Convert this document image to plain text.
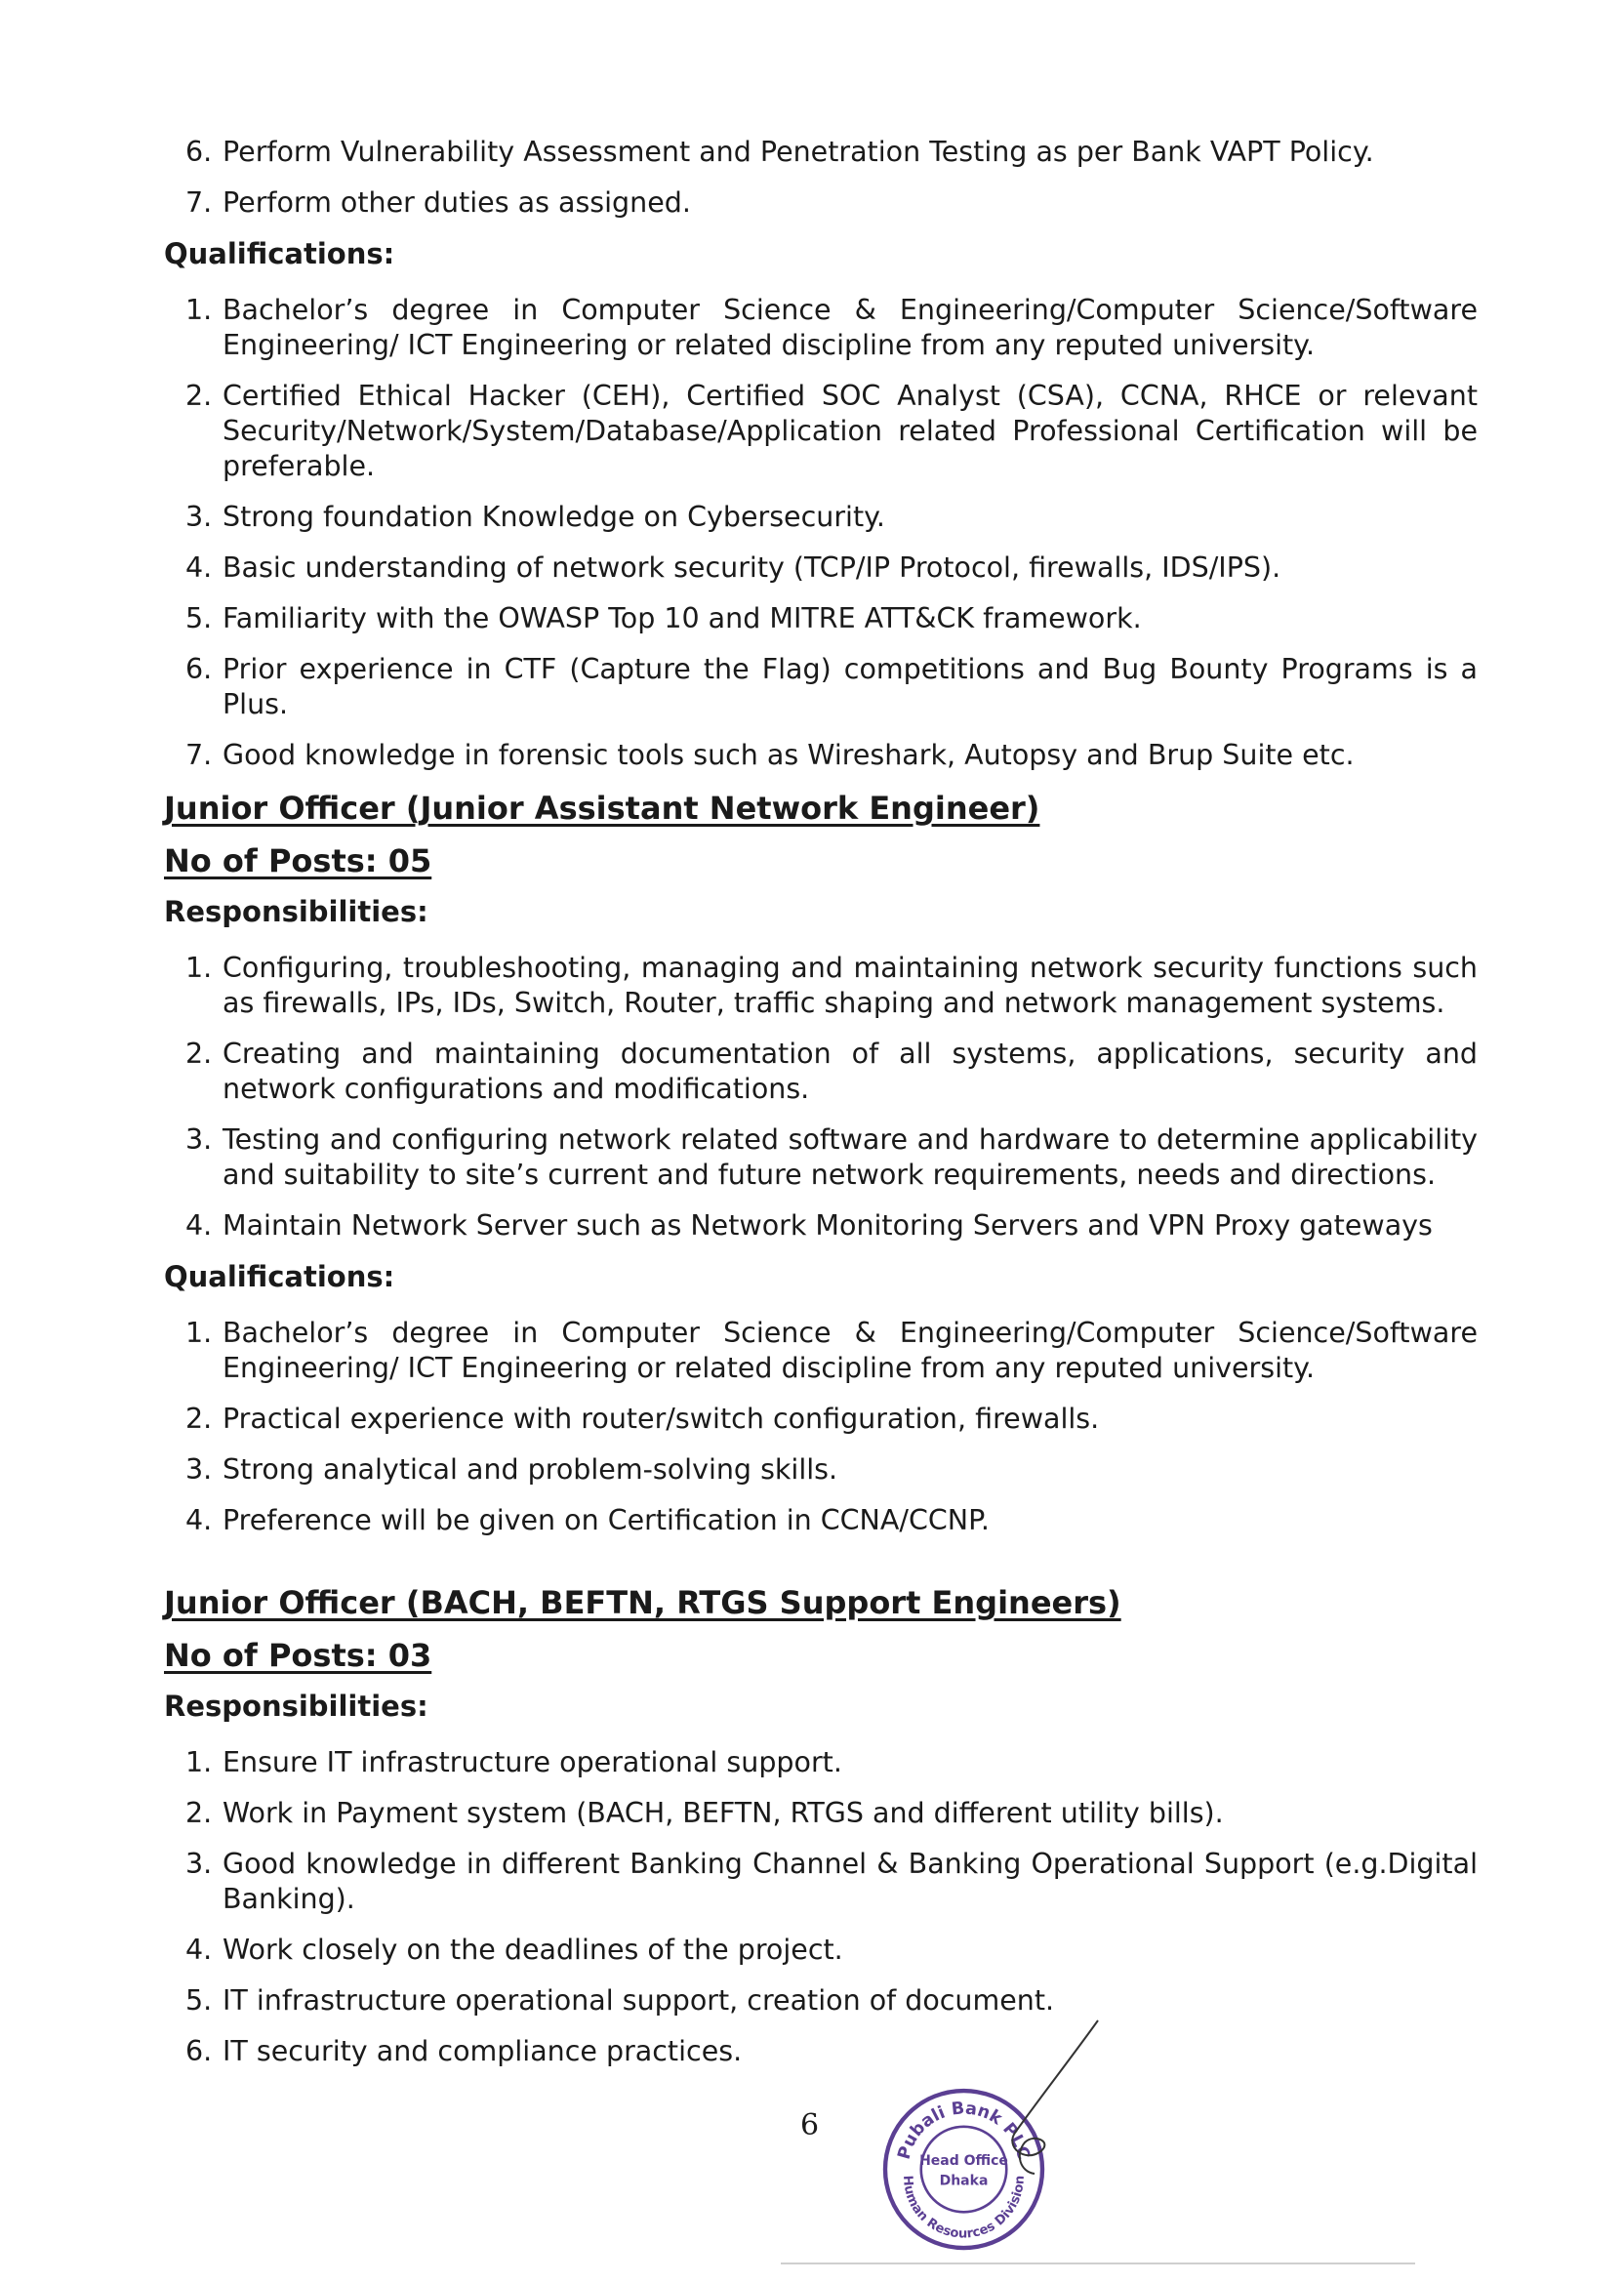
6. Perform Vulnerability Assessment and Penetration Testing as per Bank VAPT Policy.
7. Perform other duties as assigned.
Qualifications:
1. Bachelor’s degree in Computer Science & Engineering/Computer Science/Software Engineering/ ICT Engineering or related discipline from any reputed university.
2. Certified Ethical Hacker (CEH), Certified SOC Analyst (CSA), CCNA, RHCE or relevant Security/Network/System/Database/Application related Professional Certification will be preferable.
3. Strong foundation Knowledge on Cybersecurity.
4. Basic understanding of network security (TCP/IP Protocol, firewalls, IDS/IPS).
5. Familiarity with the OWASP Top 10 and MITRE ATT&CK framework.
6. Prior experience in CTF (Capture the Flag) competitions and Bug Bounty Programs is a Plus.
7. Good knowledge in forensic tools such as Wireshark, Autopsy and Brup Suite etc.
Junior Officer (Junior Assistant Network Engineer)
No of Posts: 05
Responsibilities:
1. Configuring, troubleshooting, managing and maintaining network security functions such as firewalls, IPs, IDs, Switch, Router, traffic shaping and network management systems.
2. Creating and maintaining documentation of all systems, applications, security and network configurations and modifications.
3. Testing and configuring network related software and hardware to determine applicability and suitability to site’s current and future network requirements, needs and directions.
4. Maintain Network Server such as Network Monitoring Servers and VPN Proxy gateways
Qualifications:
1. Bachelor’s degree in Computer Science & Engineering/Computer Science/Software Engineering/ ICT Engineering or related discipline from any reputed university.
2. Practical experience with router/switch configuration, firewalls.
3. Strong analytical and problem-solving skills.
4. Preference will be given on Certification in CCNA/CCNP.
Junior Officer (BACH, BEFTN, RTGS Support Engineers)
No of Posts: 03
Responsibilities:
1. Ensure IT infrastructure operational support.
2. Work in Payment system (BACH, BEFTN, RTGS and different utility bills).
3. Good knowledge in different Banking Channel & Banking Operational Support (e.g.Digital Banking).
4. Work closely on the deadlines of the project.
5. IT infrastructure operational support, creation of document.
6. IT security and compliance practices.
6
Pubali Bank PLC
Head Office
Dhaka
Human Resources Division
